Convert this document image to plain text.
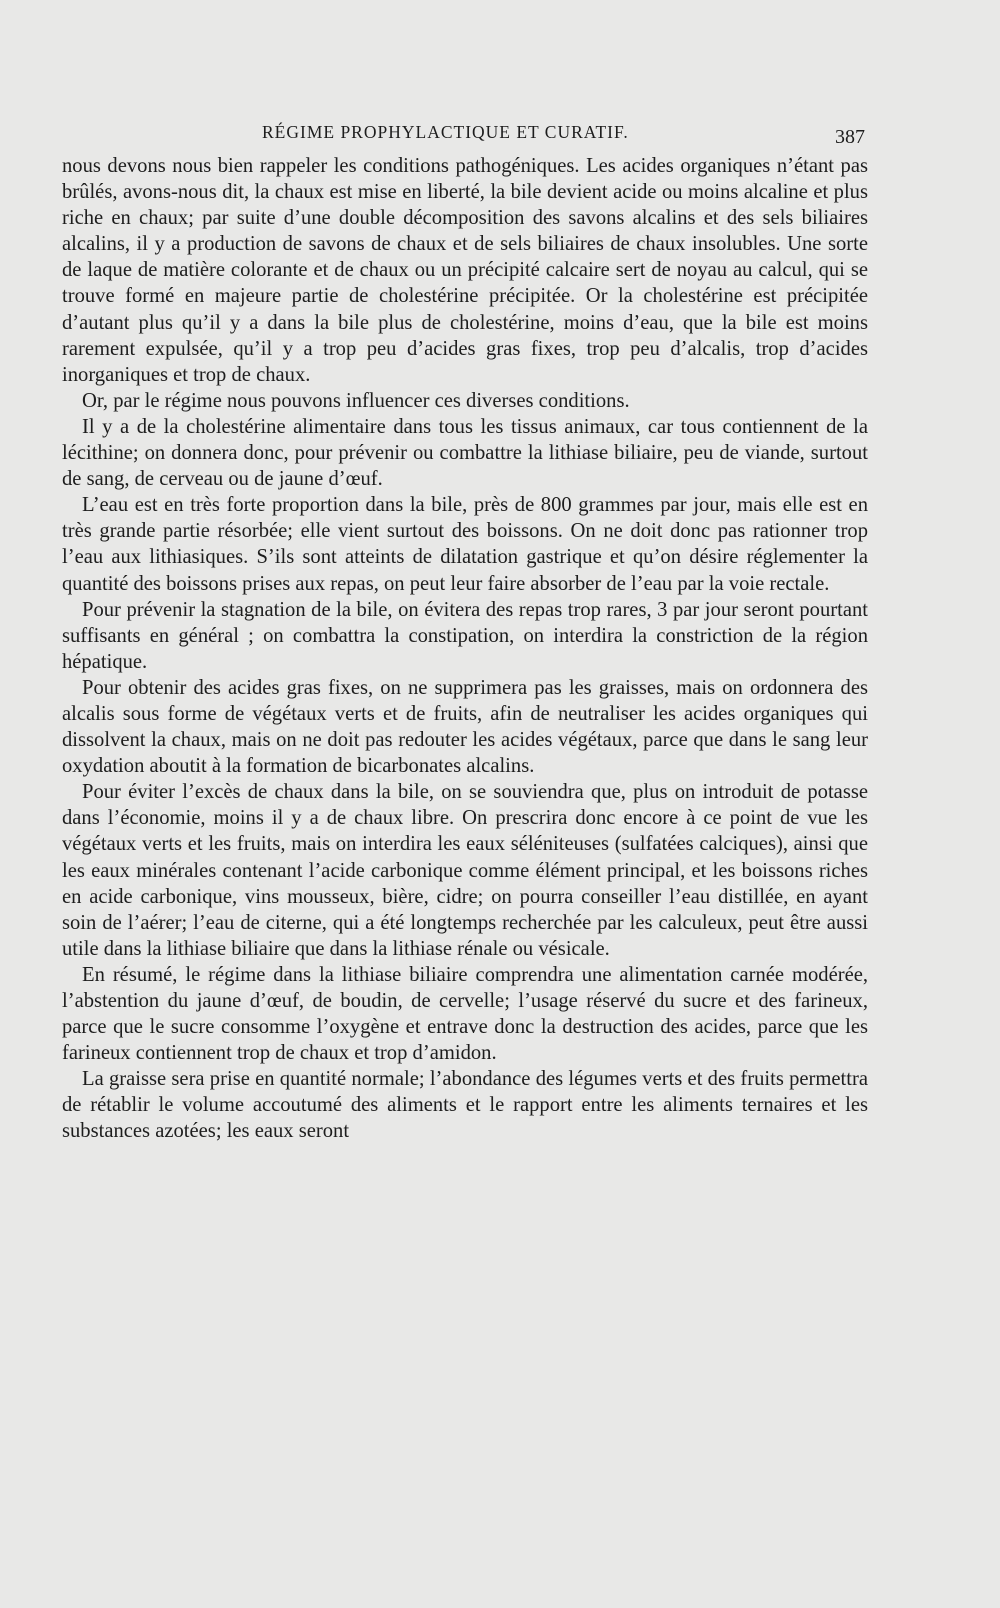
RÉGIME PROPHYLACTIQUE ET CURATIF.	387

nous devons nous bien rappeler les conditions pathogéniques. Les acides organiques n’étant pas brûlés, avons-nous dit, la chaux est mise en liberté, la bile devient acide ou moins alcaline et plus riche en chaux; par suite d’une double décomposition des savons alcalins et des sels biliaires alcalins, il y a production de savons de chaux et de sels biliaires de chaux insolubles. Une sorte de laque de matière colorante et de chaux ou un précipité calcaire sert de noyau au calcul, qui se trouve formé en majeure partie de cholestérine précipitée. Or la cholestérine est précipitée d’autant plus qu’il y a dans la bile plus de cholestérine, moins d’eau, que la bile est moins rarement expulsée, qu’il y a trop peu d’acides gras fixes, trop peu d’alcalis, trop d’acides inorganiques et trop de chaux.

Or, par le régime nous pouvons influencer ces diverses conditions.

Il y a de la cholestérine alimentaire dans tous les tissus animaux, car tous contiennent de la lécithine; on donnera donc, pour prévenir ou combattre la lithiase biliaire, peu de viande, surtout de sang, de cerveau ou de jaune d’œuf.

L’eau est en très forte proportion dans la bile, près de 800 grammes par jour, mais elle est en très grande partie résorbée; elle vient surtout des boissons. On ne doit donc pas rationner trop l’eau aux lithiasiques. S’ils sont atteints de dilatation gastrique et qu’on désire réglementer la quantité des boissons prises aux repas, on peut leur faire absorber de l’eau par la voie rectale.

Pour prévenir la stagnation de la bile, on évitera des repas trop rares, 3 par jour seront pourtant suffisants en général ; on combattra la constipation, on interdira la constriction de la région hépatique.

Pour obtenir des acides gras fixes, on ne supprimera pas les graisses, mais on ordonnera des alcalis sous forme de végétaux verts et de fruits, afin de neutraliser les acides organiques qui dissolvent la chaux, mais on ne doit pas redouter les acides végétaux, parce que dans le sang leur oxydation aboutit à la formation de bicarbonates alcalins.

Pour éviter l’excès de chaux dans la bile, on se souviendra que, plus on introduit de potasse dans l’économie, moins il y a de chaux libre. On prescrira donc encore à ce point de vue les végétaux verts et les fruits, mais on interdira les eaux séléniteuses (sulfatées calciques), ainsi que les eaux minérales contenant l’acide carbonique comme élément principal, et les boissons riches en acide carbonique, vins mousseux, bière, cidre; on pourra conseiller l’eau distillée, en ayant soin de l’aérer; l’eau de citerne, qui a été longtemps recherchée par les calculeux, peut être aussi utile dans la lithiase biliaire que dans la lithiase rénale ou vésicale.

En résumé, le régime dans la lithiase biliaire comprendra une alimentation carnée modérée, l’abstention du jaune d’œuf, de boudin, de cervelle; l’usage réservé du sucre et des farineux, parce que le sucre consomme l’oxygène et entrave donc la destruction des acides, parce que les farineux contiennent trop de chaux et trop d’amidon.

La graisse sera prise en quantité normale; l’abondance des légumes verts et des fruits permettra de rétablir le volume accoutumé des aliments et le rapport entre les aliments ternaires et les substances azotées; les eaux seront
